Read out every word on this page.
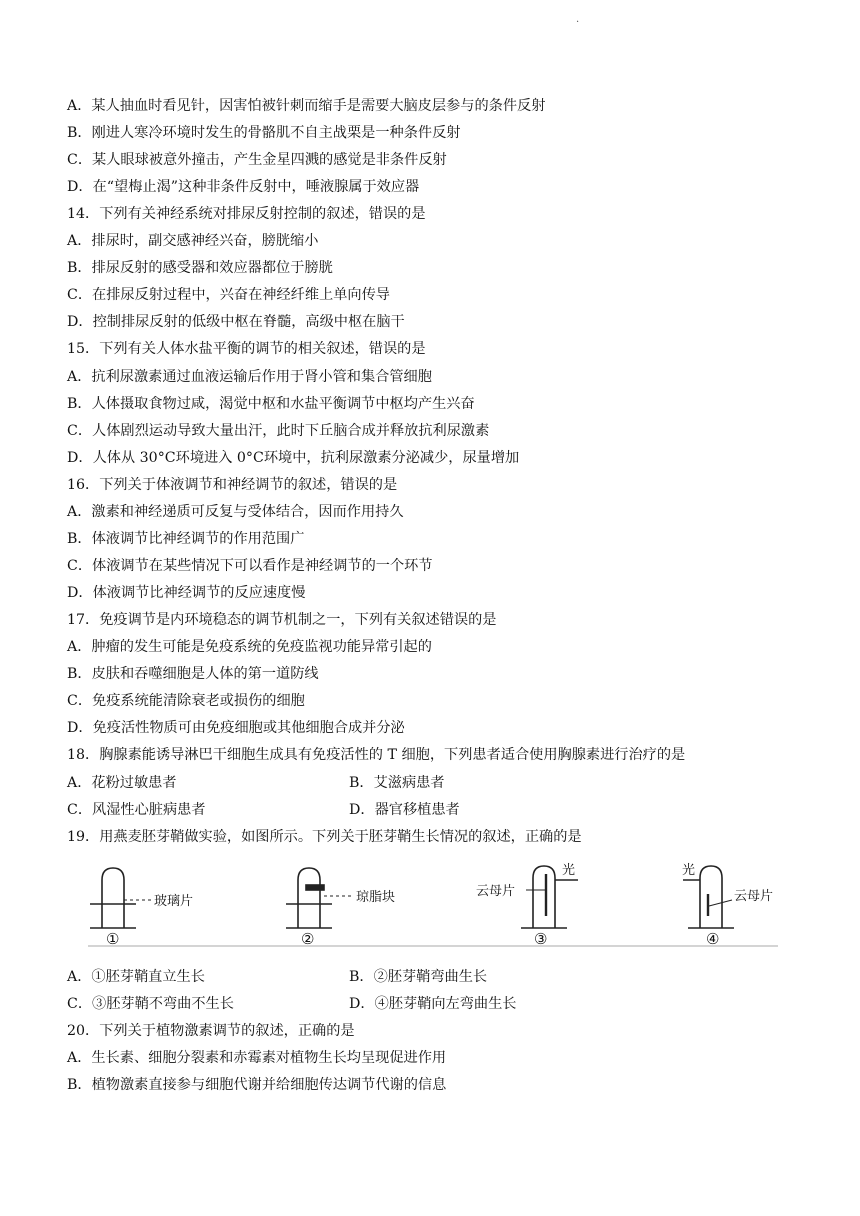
.
A．某人抽血时看见针，因害怕被针刺而缩手是需要大脑皮层参与的条件反射
B．刚进人寒冷环境时发生的骨骼肌不自主战栗是一种条件反射
C．某人眼球被意外撞击，产生金星四溅的感觉是非条件反射
D．在“望梅止渴”这种非条件反射中，唾液腺属于效应器
14．下列有关神经系统对排尿反射控制的叙述，错误的是
A．排尿时，副交感神经兴奋，膀胱缩小
B．排尿反射的感受器和效应器都位于膀胱
C．在排尿反射过程中，兴奋在神经纤维上单向传导
D．控制排尿反射的低级中枢在脊髓，高级中枢在脑干
15．下列有关人体水盐平衡的调节的相关叙述，错误的是
A．抗利尿激素通过血液运输后作用于肾小管和集合管细胞
B．人体摄取食物过咸，渴觉中枢和水盐平衡调节中枢均产生兴奋
C．人体剧烈运动导致大量出汗，此时下丘脑合成并释放抗利尿激素
D．人体从 30°C环境进入 0°C环境中，抗利尿激素分泌减少，尿量增加
16．下列关于体液调节和神经调节的叙述，错误的是
A．激素和神经递质可反复与受体结合，因而作用持久
B．体液调节比神经调节的作用范围广
C．体液调节在某些情况下可以看作是神经调节的一个环节
D．体液调节比神经调节的反应速度慢
17．免疫调节是内环境稳态的调节机制之一，下列有关叙述错误的是
A．肿瘤的发生可能是免疫系统的免疫监视功能异常引起的
B．皮肤和吞噬细胞是人体的第一道防线
C．免疫系统能清除衰老或损伤的细胞
D．免疫活性物质可由免疫细胞或其他细胞合成并分泌
18．胸腺素能诱导淋巴干细胞生成具有免疫活性的 T 细胞，下列患者适合使用胸腺素进行治疗的是
A．花粉过敏患者	B．艾滋病患者
C．风湿性心脏病患者	D．器官移植患者
19．用燕麦胚芽鞘做实验，如图所示。下列关于胚芽鞘生长情况的叙述，正确的是
玻璃片	琼脂块	云母片
光	光
云母片
①	②	③	④
A．①胚芽鞘直立生长	B．②胚芽鞘弯曲生长
C．③胚芽鞘不弯曲不生长	D．④胚芽鞘向左弯曲生长
20．下列关于植物激素调节的叙述，正确的是
A．生长素、细胞分裂素和赤霉素对植物生长均呈现促进作用
B．植物激素直接参与细胞代谢并给细胞传达调节代谢的信息
